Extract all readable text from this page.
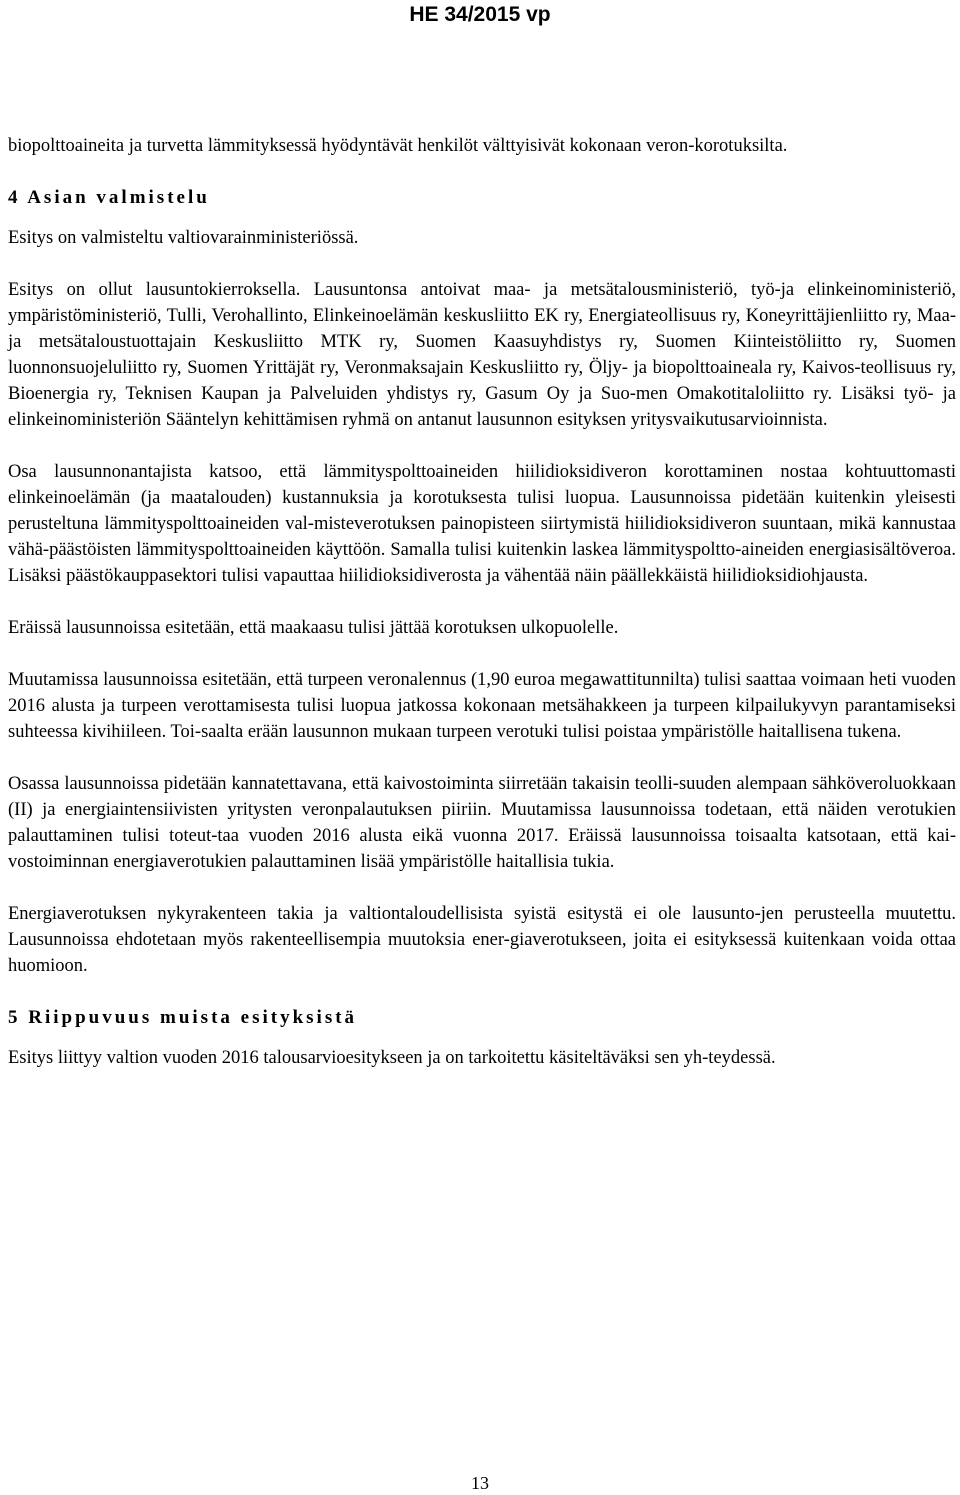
HE 34/2015 vp

biopolttoaineita ja turvetta lämmityksessä hyödyntävät henkilöt välttyisivät kokonaan veron-korotuksilta.

4 Asian valmistelu

Esitys on valmisteltu valtiovarainministeriössä.

Esitys on ollut lausuntokierroksella. Lausuntonsa antoivat maa- ja metsätalousministeriö, työ-ja elinkeinoministeriö, ympäristöministeriö, Tulli, Verohallinto, Elinkeinoelämän keskusliitto EK ry, Energiateollisuus ry, Koneyrittäjienliitto ry, Maa- ja metsätaloustuottajain Keskusliitto MTK ry, Suomen Kaasuyhdistys ry, Suomen Kiinteistöliitto ry, Suomen luonnonsuojeluliitto ry, Suomen Yrittäjät ry, Veronmaksajain Keskusliitto ry, Öljy- ja biopolttoaineala ry, Kaivos-teollisuus ry, Bioenergia ry, Teknisen Kaupan ja Palveluiden yhdistys ry, Gasum Oy ja Suo-men Omakotitaloliitto ry. Lisäksi työ- ja elinkeinoministeriön Sääntelyn kehittämisen ryhmä on antanut lausunnon esityksen yritysvaikutusarvioinnista.

Osa lausunnonantajista katsoo, että lämmityspolttoaineiden hiilidioksidiveron korottaminen nostaa kohtuuttomasti elinkeinoelämän (ja maatalouden) kustannuksia ja korotuksesta tulisi luopua. Lausunnoissa pidetään kuitenkin yleisesti perusteltuna lämmityspolttoaineiden val-misteverotuksen painopisteen siirtymistä hiilidioksidiveron suuntaan, mikä kannustaa vähä-päästöisten lämmityspolttoaineiden käyttöön. Samalla tulisi kuitenkin laskea lämmityspoltto-aineiden energiasisältöveroa. Lisäksi päästökauppasektori tulisi vapauttaa hiilidioksidiverosta ja vähentää näin päällekkäistä hiilidioksidiohjausta.

Eräissä lausunnoissa esitetään, että maakaasu tulisi jättää korotuksen ulkopuolelle.

Muutamissa lausunnoissa esitetään, että turpeen veronalennus (1,90 euroa megawattitunnilta) tulisi saattaa voimaan heti vuoden 2016 alusta ja turpeen verottamisesta tulisi luopua jatkossa kokonaan metsähakkeen ja turpeen kilpailukyvyn parantamiseksi suhteessa kivihiileen. Toi-saalta erään lausunnon mukaan turpeen verotuki tulisi poistaa ympäristölle haitallisena tukena.

Osassa lausunnoissa pidetään kannatettavana, että kaivostoiminta siirretään takaisin teolli-suuden alempaan sähköveroluokkaan (II) ja energiaintensiivisten yritysten veronpalautuksen piiriin. Muutamissa lausunnoissa todetaan, että näiden verotukien palauttaminen tulisi toteut-taa vuoden 2016 alusta eikä vuonna 2017. Eräissä lausunnoissa toisaalta katsotaan, että kai-vostoiminnan energiaverotukien palauttaminen lisää ympäristölle haitallisia tukia.

Energiaverotuksen nykyrakenteen takia ja valtiontaloudellisista syistä esitystä ei ole lausunto-jen perusteella muutettu. Lausunnoissa ehdotetaan myös rakenteellisempia muutoksia ener-giaverotukseen, joita ei esityksessä kuitenkaan voida ottaa huomioon.

5 Riippuvuus muista esityksistä

Esitys liittyy valtion vuoden 2016 talousarvioesitykseen ja on tarkoitettu käsiteltäväksi sen yh-teydessä.

13
